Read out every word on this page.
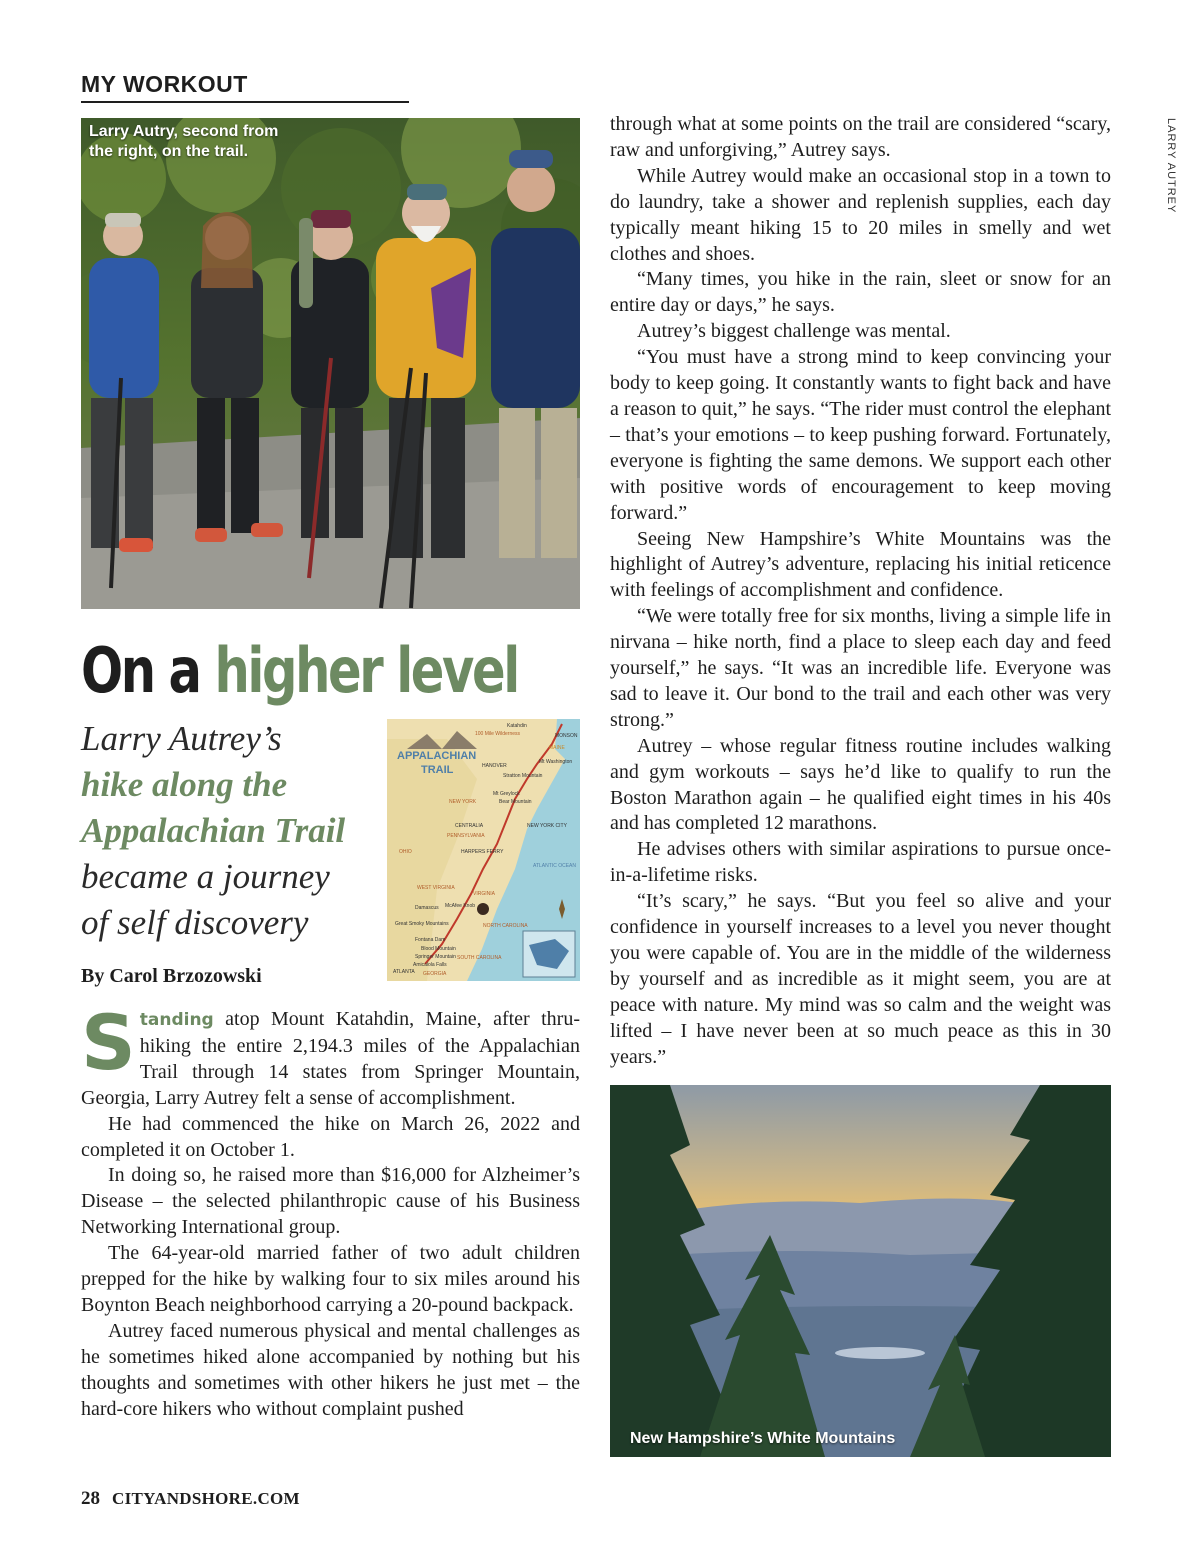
MY WORKOUT
LARRY AUTREY
Larry Autry, second from
the right, on the trail.
On a higher level
Larry Autrey’s
hike along the
Appalachian Trail
became a journey
of self discovery
APPALACHIAN
TRAIL
Katahdin
100 Mile Wilderness	MONSON
MAINE
HANOVER
Mt Washington
Stratton Mountain
Mt Greylock
Bear Mountain
NEW YORK
CENTRALIA
PENNSYLVANIA
NEW YORK CITY
HARPERS FERRY
OHIO
WEST VIRGINIA
VIRGINIA
ATLANTIC OCEAN
McAfee Knob
Damascus
NORTH CAROLINA
Great Smoky Mountains
Fontana Dam
Blood Mountain
Springer Mountain
Amicalola Falls
SOUTH CAROLINA
ATLANTA GEORGIA
By Carol Brzozowski

Standing atop Mount Katahdin, Maine, after thru-hiking the entire 2,194.3 miles of the Appalachian Trail through 14 states from Springer Mountain, Georgia, Larry Autrey felt a sense of accomplishment.

He had commenced the hike on March 26, 2022 and completed it on October 1.

In doing so, he raised more than $16,000 for Alzheimer’s Disease – the selected philanthropic cause of his Business Networking International group.

The 64-year-old married father of two adult children prepped for the hike by walking four to six miles around his Boynton Beach neighborhood carrying a 20-pound backpack.

Autrey faced numerous physical and mental challenges as he sometimes hiked alone accompanied by nothing but his thoughts and sometimes with other hikers he just met – the hard-core hikers who without complaint pushed

through what at some points on the trail are considered “scary, raw and unforgiving,” Autrey says.

While Autrey would make an occasional stop in a town to do laundry, take a shower and replenish supplies, each day typically meant hiking 15 to 20 miles in smelly and wet clothes and shoes.

“Many times, you hike in the rain, sleet or snow for an entire day or days,” he says.

Autrey’s biggest challenge was mental.

“You must have a strong mind to keep convincing your body to keep going. It constantly wants to fight back and have a reason to quit,” he says. “The rider must control the elephant – that’s your emotions – to keep pushing forward. Fortunately, everyone is fighting the same demons. We support each other with positive words of encouragement to keep moving forward.”

Seeing New Hampshire’s White Mountains was the highlight of Autrey’s adventure, replacing his initial reticence with feelings of accomplishment and confidence.

“We were totally free for six months, living a simple life in nirvana – hike north, find a place to sleep each day and feed yourself,” he says. “It was an incredible life. Everyone was sad to leave it. Our bond to the trail and each other was very strong.”

Autrey – whose regular fitness routine includes walking and gym workouts – says he’d like to qualify to run the Boston Marathon again – he qualified eight times in his 40s and has completed 12 marathons.

He advises others with similar aspirations to pursue once-in-a-lifetime risks.

“It’s scary,” he says. “But you feel so alive and your confidence in yourself increases to a level you never thought you were capable of. You are in the middle of the wilderness by yourself and as incredible as it might seem, you are at peace with nature. My mind was so calm and the weight was lifted – I have never been at so much peace as this in 30 years.”

New Hampshire’s White Mountains
28 CITYANDSHORE.COM
